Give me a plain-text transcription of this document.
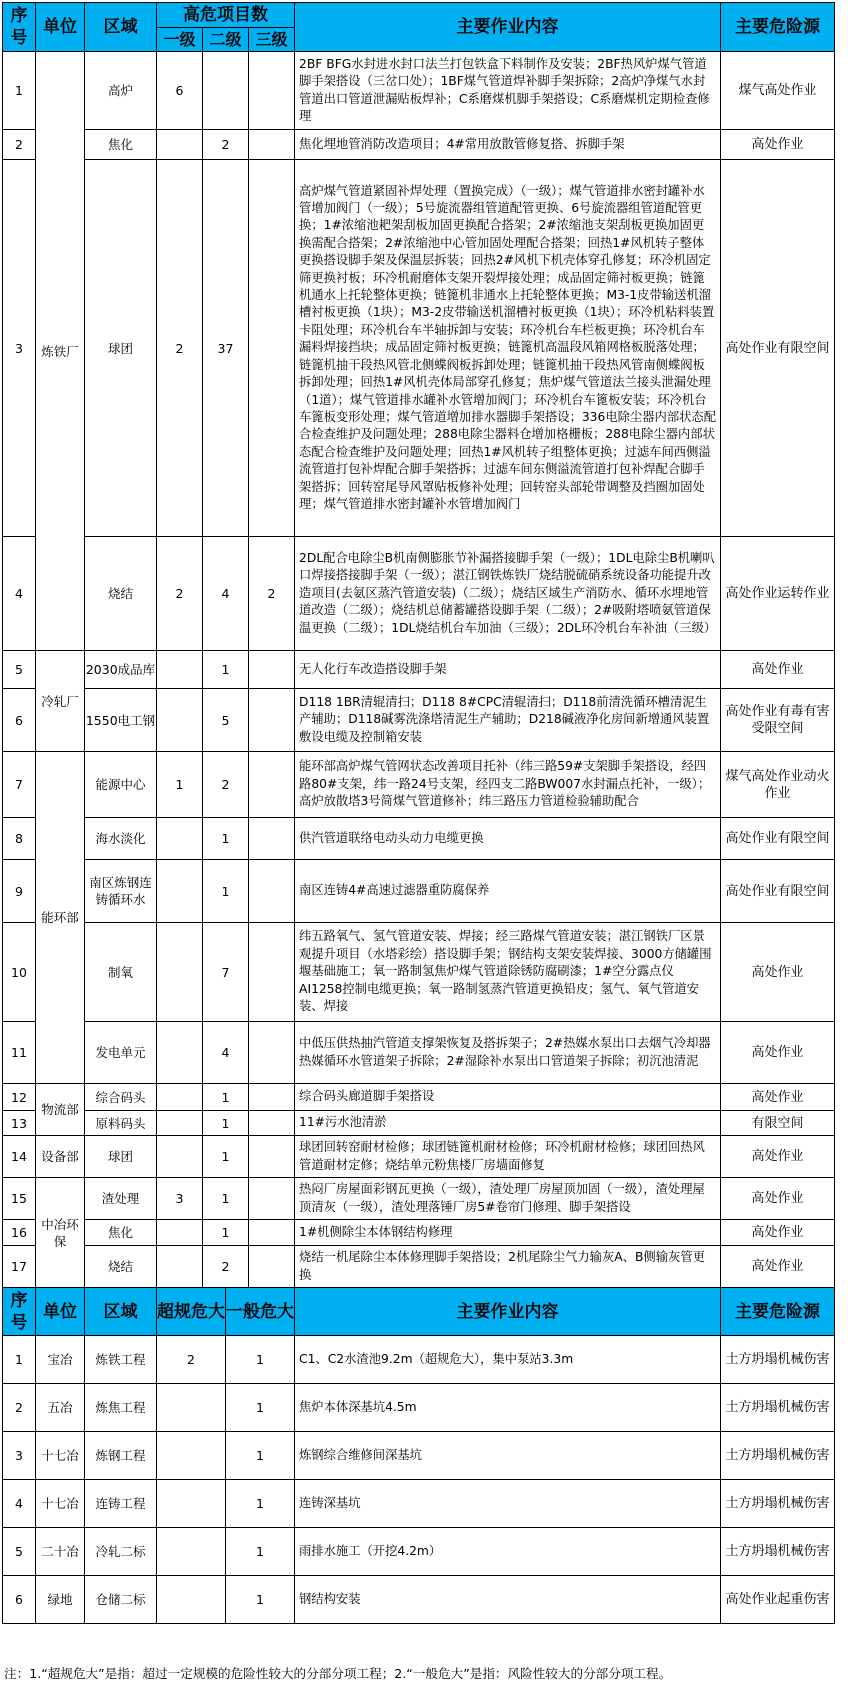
序号	单位	区域	高危项目数			主要作业内容	主要危险源
			一级	二级	三级		
1	炼铁厂	高炉	6			2BF BFG水封进水封口法兰打包铁盒下料制作及安装；2BF热风炉煤气管道脚手架搭设（三岔口处）；1BF煤气管道焊补脚手架拆除；2高炉净煤气水封管道出口管道泄漏贴板焊补；C系磨煤机脚手架搭设；C系磨煤机定期检查修理	煤气高处作业
2		焦化		2		焦化埋地管消防改造项目；4#常用放散管修复搭、拆脚手架	高处作业
3		球团	2	37		高炉煤气管道紧固补焊处理（置换完成）（一级）；煤气管道排水密封罐补水管增加阀门（一级）；5号旋流器组管道配管更换、6号旋流器组管道配管更换；1#浓缩池耙架刮板加固更换配合搭架；2#浓缩池支架刮板更换加固更换需配合搭架；2#浓缩池中心管加固处理配合搭架；回热1#风机转子整体更换搭设脚手架及保温层拆装；回热2#风机下机壳体穿孔修复；环冷机固定筛更换衬板；环冷机耐磨体支架开裂焊接处理；成品固定筛衬板更换；链篦机通水上托轮整体更换；链篦机非通水上托轮整体更换；M3-1皮带输送机溜槽衬板更换（1块）；M3-2皮带输送机溜槽衬板更换（1块）；环冷机粘料装置卡阻处理；环冷机台车半轴拆卸与安装；环冷机台车栏板更换；环冷机台车漏料焊接挡块；成品固定筛衬板更换；链篦机高温段风箱网格板脱落处理；链篦机抽干段热风管北侧蝶阀板拆卸处理；链篦机抽干段热风管南侧蝶阀板拆卸处理；回热1#风机壳体局部穿孔修复；焦炉煤气管道法兰接头泄漏处理（1道）；煤气管道排水罐补水管增加阀门；环冷机台车篦板安装；环冷机台车篦板变形处理；煤气管道增加排水器脚手架搭设；336电除尘器内部状态配合检查维护及问题处理；288电除尘器料仓增加格栅板；288电除尘器内部状态配合检查维护及问题处理；回热1#风机转子组整体更换；过滤车间西侧溢流管道打包补焊配合脚手架搭拆；过滤车间东侧溢流管道打包补焊配合脚手架搭拆；回转窑尾导风罩贴板修补处理；回转窑头部轮带调整及挡圈加固处理；煤气管道排水密封罐补水管增加阀门	高处作业有限空间
4		烧结	2	4	2	2DL配合电除尘B机南侧膨胀节补漏搭接脚手架（一级）；1DL电除尘B机喇叭口焊接搭接脚手架（一级）；湛江钢铁炼铁厂烧结脱硫硝系统设备功能提升改造项目(去氨区蒸汽管道安装)（二级）；烧结区域生产消防水、循环水埋地管道改造（二级）；烧结机总储蓄罐搭设脚手架（二级）；2#吸附塔喷氨管道保温更换（二级）；1DL烧结机台车加油（三级）；2DL环冷机台车补油（三级）	高处作业运转作业
5	冷轧厂	2030成品库		1		无人化行车改造搭设脚手架	高处作业
6		1550电工钢		5		D118 1BR清辊清扫；D118 8#CPC清辊清扫；D118前清洗循环槽清泥生产辅助；D118碱雾洗涤塔清泥生产辅助；D218碱液净化房间新增通风装置敷设电缆及控制箱安装	高处作业有毒有害受限空间
7	能环部	能源中心	1	2		能环部高炉煤气管网状态改善项目托补（纬三路59#支架脚手架搭设，经四路80#支架，纬一路24号支架，经四支二路BW007水封漏点托补，一级）；高炉放散塔3号简煤气管道修补；纬三路压力管道检验辅助配合	煤气高处作业动火作业
8		海水淡化		1		供汽管道联络电动头动力电缆更换	高处作业有限空间
9		南区炼钢连铸循环水		1		南区连铸4#高速过滤器重防腐保养	高处作业有限空间
10		制氧		7		纬五路氧气、氢气管道安装、焊接；经三路煤气管道安装；湛江钢铁厂区景观提升项目（水塔彩绘）搭设脚手架；钢结构支架安装焊接、3000方储罐围堰基础施工；氧一路制氢焦炉煤气管道除锈防腐刷漆；1#空分露点仪AI1258控制电缆更换；氧一路制氢蒸汽管道更换铅皮；氢气、氧气管道安装、焊接	高处作业
11		发电单元		4		中低压供热抽汽管道支撑架恢复及搭拆架子；2#热媒水泵出口去烟气冷却器热媒循环水管道架子拆除；2#湿除补水泵出口管道架子拆除；初沉池清泥	高处作业
12	物流部	综合码头		1		综合码头廊道脚手架搭设	高处作业
13		原料码头		1		11#污水池清淤	有限空间
14	设备部	球团		1		球团回转窑耐材检修；球团链篦机耐材检修；环冷机耐材检修；球团回热风管道耐材定修；烧结单元粉焦楼厂房墙面修复	高处作业
15	中冶环保	渣处理	3	1		热闷厂房屋面彩钢瓦更换（一级），渣处理厂房屋顶加固（一级），渣处理屋顶清灰（一级），渣处理落锤厂房5#卷帘门修理、脚手架搭设	高处作业
16		焦化		1		1#机侧除尘本体钢结构修理	高处作业
17		烧结		2		烧结一机尾除尘本体修理脚手架搭设；2机尾除尘气力输灰A、B侧输灰管更换	高处作业
序号	单位	区域	超规危大	一般危大	主要作业内容	主要危险源
1	宝冶	炼铁工程	2	1	C1、C2水渣池9.2m（超规危大），集中泵站3.3m	土方坍塌机械伤害
2	五冶	炼焦工程		1	焦炉本体深基坑4.5m	土方坍塌机械伤害
3	十七冶	炼钢工程		1	炼钢综合维修间深基坑	土方坍塌机械伤害
4	十七冶	连铸工程		1	连铸深基坑	土方坍塌机械伤害
5	二十冶	冷轧二标		1	雨排水施工（开挖4.2m）	土方坍塌机械伤害
6	绿地	仓储二标		1	钢结构安装	高处作业起重伤害
注：1.“超规危大”是指：超过一定规模的危险性较大的分部分项工程；2.“一般危大”是指：风险性较大的分部分项工程。
